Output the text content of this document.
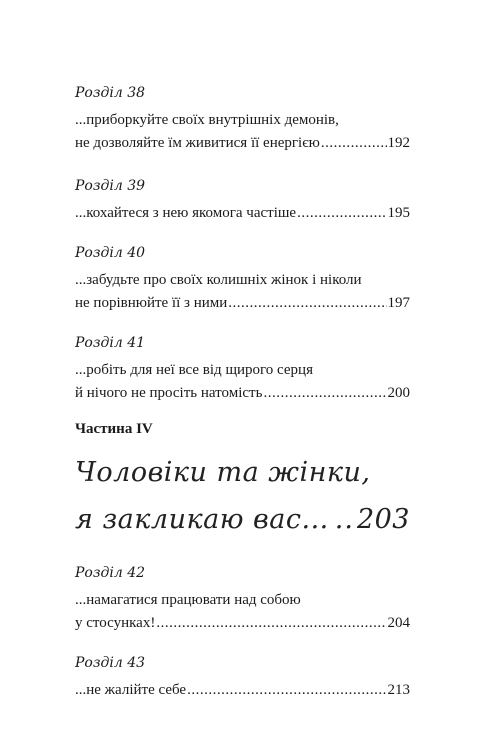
Розділ 38
...приборкуйте своїх внутрішніх демонів,
не дозволяйте їм живитися її енергією .....	192
Розділ 39
...кохайтеся з нею якомога частіше .....	195
Розділ 40
...забудьте про своїх колишніх жінок і ніколи
не порівнюйте її з ними .....	197
Розділ 41
...робіть для неї все від щирого серця
й нічого не просіть натомість .....	200
Частина IV
Чоловіки та жінки,
я закликаю вас... ..... 203
Розділ 42
...намагатися працювати над собою
у стосунках! .....	204
Розділ 43
...не жалійте себе .....	213
